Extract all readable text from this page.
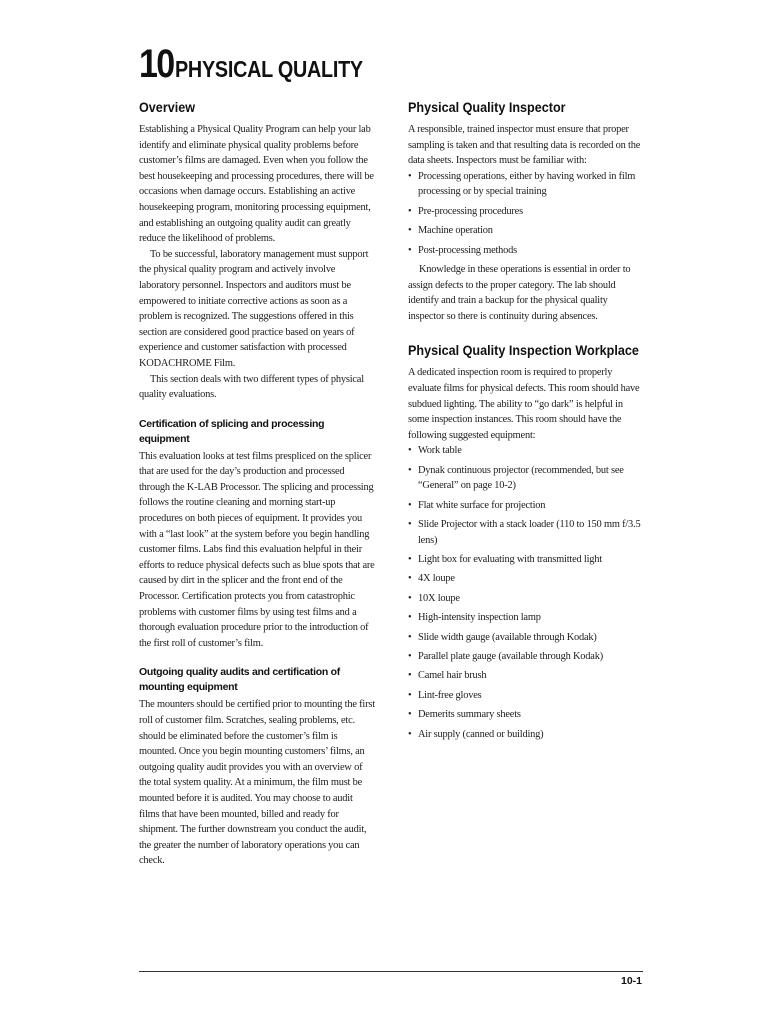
10PHYSICAL QUALITY
Overview

Establishing a Physical Quality Program can help your lab identify and eliminate physical quality problems before customer’s films are damaged. Even when you follow the best housekeeping and processing procedures, there will be occasions when damage occurs. Establishing an active housekeeping program, monitoring processing equipment, and establishing an outgoing quality audit can greatly reduce the likelihood of problems.

To be successful, laboratory management must support the physical quality program and actively involve laboratory personnel. Inspectors and auditors must be empowered to initiate corrective actions as soon as a problem is recognized. The suggestions offered in this section are considered good practice based on years of experience and customer satisfaction with processed KODACHROME Film.

This section deals with two different types of physical quality evaluations.

Certification of splicing and processing equipment

This evaluation looks at test films prespliced on the splicer that are used for the day’s production and processed through the K-LAB Processor. The splicing and processing follows the routine cleaning and morning start-up procedures on both pieces of equipment. It provides you with a “last look” at the system before you begin handling customer films. Labs find this evaluation helpful in their efforts to reduce physical defects such as blue spots that are caused by dirt in the splicer and the front end of the Processor. Certification protects you from catastrophic problems with customer films by using test films and a thorough evaluation procedure prior to the introduction of the first roll of customer’s film.

Outgoing quality audits and certification of mounting equipment

The mounters should be certified prior to mounting the first roll of customer film. Scratches, sealing problems, etc. should be eliminated before the customer’s film is mounted. Once you begin mounting customers’ films, an outgoing quality audit provides you with an overview of the total system quality. At a minimum, the film must be mounted before it is audited. You may choose to audit films that have been mounted, billed and ready for shipment. The further downstream you conduct the audit, the greater the number of laboratory operations you can check.

Physical Quality Inspector

A responsible, trained inspector must ensure that proper sampling is taken and that resulting data is recorded on the data sheets. Inspectors must be familiar with:

• Processing operations, either by having worked in film processing or by special training
• Pre-processing procedures
• Machine operation
• Post-processing methods

Knowledge in these operations is essential in order to assign defects to the proper category. The lab should identify and train a backup for the physical quality inspector so there is continuity during absences.

Physical Quality Inspection Workplace

A dedicated inspection room is required to properly evaluate films for physical defects. This room should have subdued lighting. The ability to “go dark” is helpful in some inspection instances. This room should have the following suggested equipment:

• Work table
• Dynak continuous projector (recommended, but see “General” on page 10-2)
• Flat white surface for projection
• Slide Projector with a stack loader (110 to 150 mm f/3.5 lens)
• Light box for evaluating with transmitted light
• 4X loupe
• 10X loupe
• High-intensity inspection lamp
• Slide width gauge (available through Kodak)
• Parallel plate gauge (available through Kodak)
• Camel hair brush
• Lint-free gloves
• Demerits summary sheets
• Air supply (canned or building)
10-1
